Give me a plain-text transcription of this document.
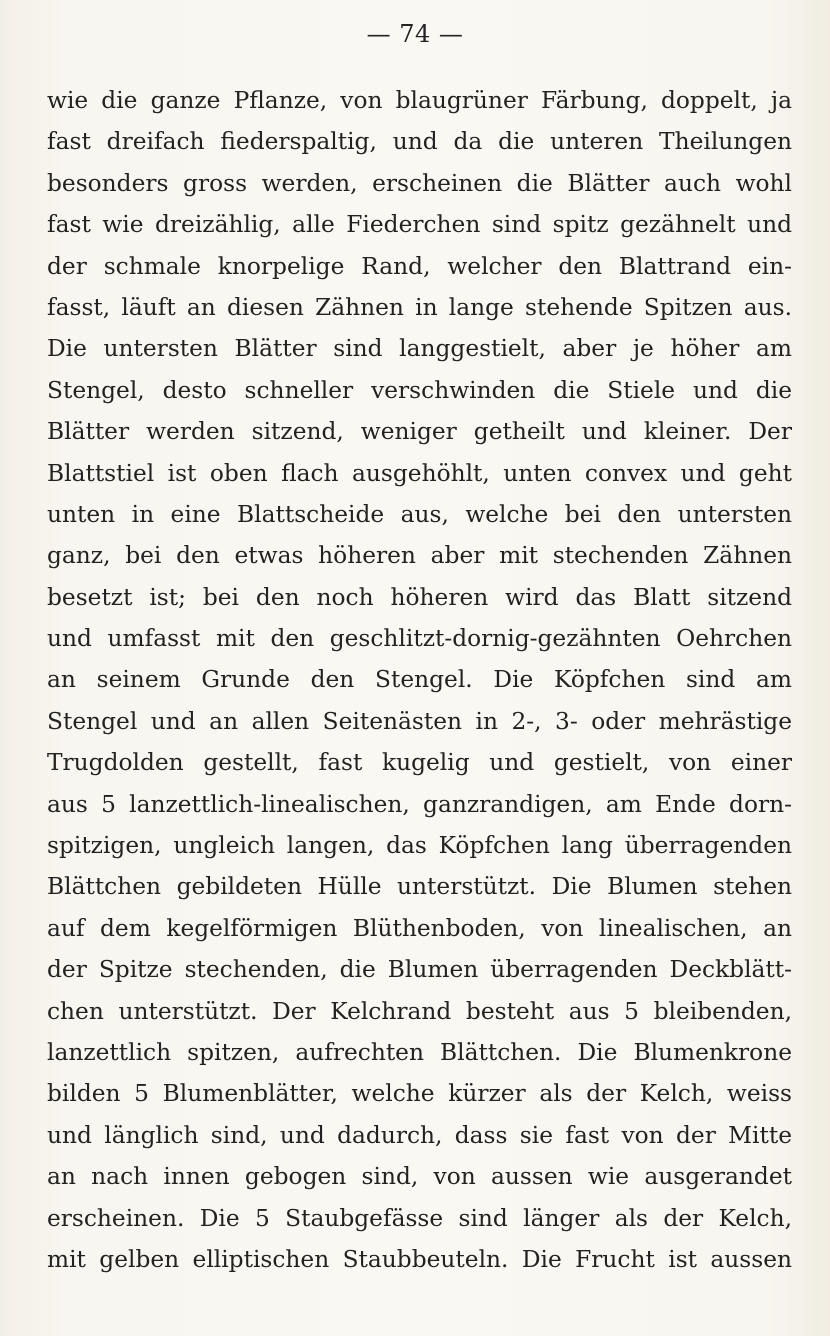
— 74 —
wie die ganze Pflanze, von blaugrüner Färbung, doppelt, ja
fast dreifach fiederspaltig, und da die unteren Theilungen
besonders gross werden, erscheinen die Blätter auch wohl
fast wie dreizählig, alle Fiederchen sind spitz gezähnelt und
der schmale knorpelige Rand, welcher den Blattrand ein-
fasst, läuft an diesen Zähnen in lange stehende Spitzen aus.
Die untersten Blätter sind langgestielt, aber je höher am
Stengel, desto schneller verschwinden die Stiele und die
Blätter werden sitzend, weniger getheilt und kleiner. Der
Blattstiel ist oben flach ausgehöhlt, unten convex und geht
unten in eine Blattscheide aus, welche bei den untersten
ganz, bei den etwas höheren aber mit stechenden Zähnen
besetzt ist; bei den noch höheren wird das Blatt sitzend
und umfasst mit den geschlitzt-dornig-gezähnten Oehrchen
an seinem Grunde den Stengel. Die Köpfchen sind am
Stengel und an allen Seitenästen in 2-, 3- oder mehrästige
Trugdolden gestellt, fast kugelig und gestielt, von einer
aus 5 lanzettlich-linealischen, ganzrandigen, am Ende dorn-
spitzigen, ungleich langen, das Köpfchen lang überragenden
Blättchen gebildeten Hülle unterstützt. Die Blumen stehen
auf dem kegelförmigen Blüthenboden, von linealischen, an
der Spitze stechenden, die Blumen überragenden Deckblätt-
chen unterstützt. Der Kelchrand besteht aus 5 bleibenden,
lanzettlich spitzen, aufrechten Blättchen. Die Blumenkrone
bilden 5 Blumenblätter, welche kürzer als der Kelch, weiss
und länglich sind, und dadurch, dass sie fast von der Mitte
an nach innen gebogen sind, von aussen wie ausgerandet
erscheinen. Die 5 Staubgefässe sind länger als der Kelch,
mit gelben elliptischen Staubbeuteln. Die Frucht ist aussen
